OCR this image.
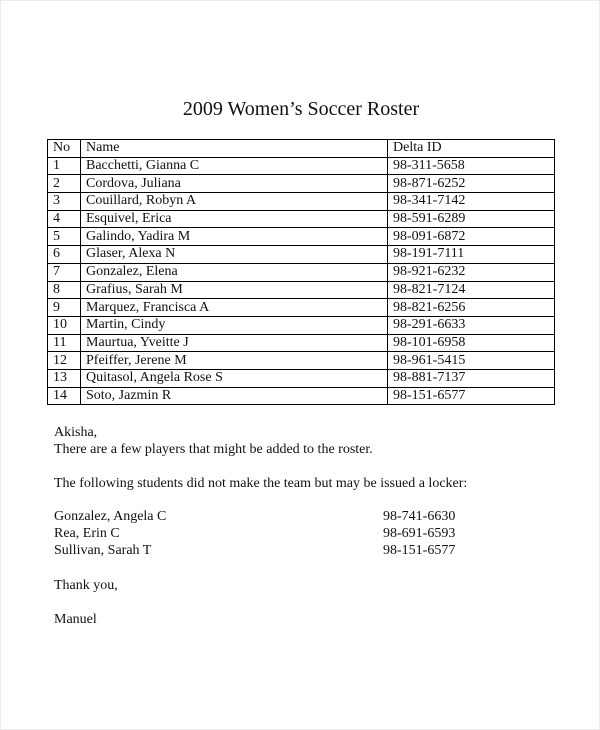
2009 Women’s Soccer Roster
No	Name	Delta ID
1	Bacchetti, Gianna C	98-311-5658
2	Cordova, Juliana	98-871-6252
3	Couillard, Robyn A	98-341-7142
4	Esquivel, Erica	98-591-6289
5	Galindo, Yadira M	98-091-6872
6	Glaser, Alexa N	98-191-7111
7	Gonzalez, Elena	98-921-6232
8	Grafius, Sarah M	98-821-7124
9	Marquez, Francisca A	98-821-6256
10	Martin, Cindy	98-291-6633
11	Maurtua, Yveitte J	98-101-6958
12	Pfeiffer, Jerene M	98-961-5415
13	Quitasol, Angela Rose S	98-881-7137
14	Soto, Jazmin R	98-151-6577
Akisha,
There are a few players that might be added to the roster.
The following students did not make the team but may be issued a locker:
Gonzalez, Angela C	98-741-6630
Rea, Erin C	98-691-6593
Sullivan, Sarah T	98-151-6577
Thank you,
Manuel
